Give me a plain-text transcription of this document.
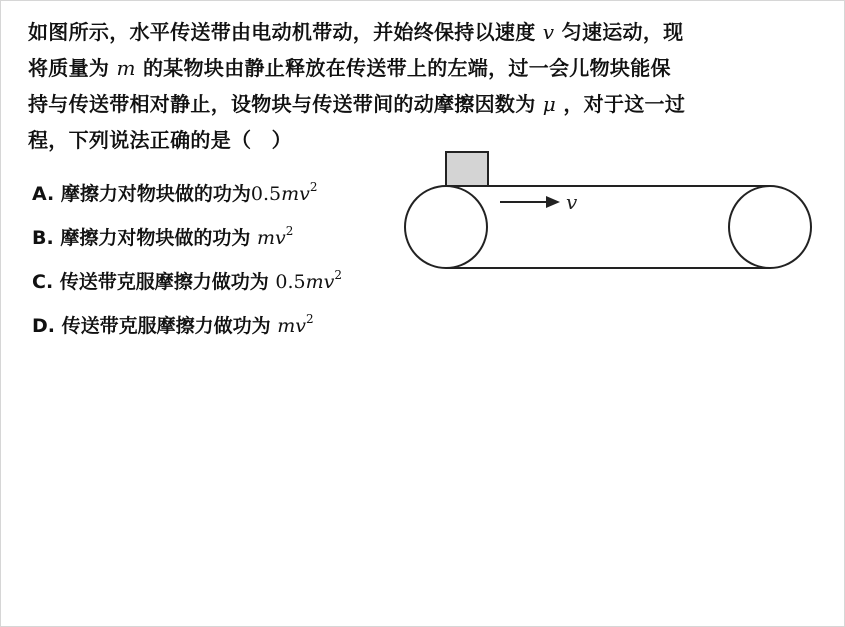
如图所示，水平传送带由电动机带动，并始终保持以速度 v 匀速运动，现
将质量为 m 的某物块由静止释放在传送带上的左端，过一会儿物块能保
持与传送带相对静止，设物块与传送带间的动摩擦因数为 μ ，对于这一过
程，下列说法正确的是（　）
A. 摩擦力对物块做的功为$0.5mv^2$
B. 摩擦力对物块做的功为 $mv^2$
C. 传送带克服摩擦力做功为 $0.5mv^2$
D. 传送带克服摩擦力做功为 $mv^2$
v
